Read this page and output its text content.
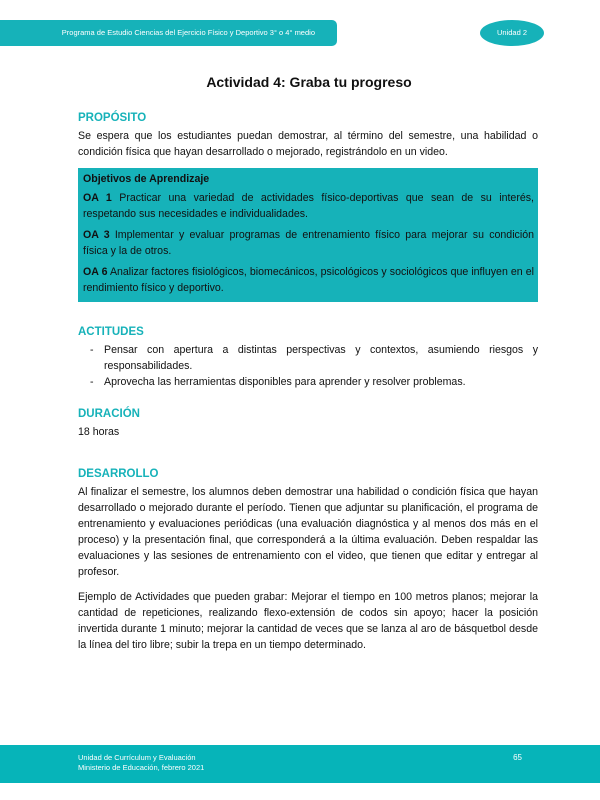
Programa de Estudio Ciencias del Ejercicio Físico y Deportivo 3° o 4° medio	Unidad 2
Actividad 4: Graba tu progreso
PROPÓSITO

Se espera que los estudiantes puedan demostrar, al término del semestre, una habilidad o condición física que hayan desarrollado o mejorado, registrándolo en un video.

Objetivos de Aprendizaje

OA 1 Practicar una variedad de actividades físico-deportivas que sean de su interés, respetando sus necesidades e individualidades.

OA 3 Implementar y evaluar programas de entrenamiento físico para mejorar su condición física y la de otros.

OA 6 Analizar factores fisiológicos, biomecánicos, psicológicos y sociológicos que influyen en el rendimiento físico y deportivo.

ACTITUDES
- Pensar con apertura a distintas perspectivas y contextos, asumiendo riesgos y responsabilidades.
- Aprovecha las herramientas disponibles para aprender y resolver problemas.
DURACIÓN

18 horas

DESARROLLO

Al finalizar el semestre, los alumnos deben demostrar una habilidad o condición física que hayan desarrollado o mejorado durante el período. Tienen que adjuntar su planificación, el programa de entrenamiento y evaluaciones periódicas (una evaluación diagnóstica y al menos dos más en el proceso) y la presentación final, que corresponderá a la última evaluación. Deben respaldar las evaluaciones y las sesiones de entrenamiento con el video, que tienen que editar y entregar al profesor.

Ejemplo de Actividades que pueden grabar: Mejorar el tiempo en 100 metros planos; mejorar la cantidad de repeticiones, realizando flexo-extensión de codos sin apoyo; hacer la posición invertida durante 1 minuto; mejorar la cantidad de veces que se lanza al aro de básquetbol desde la línea del tiro libre; subir la trepa en un tiempo determinado.

Unidad de Currículum y Evaluación
Ministerio de Educación, febrero 2021
65
